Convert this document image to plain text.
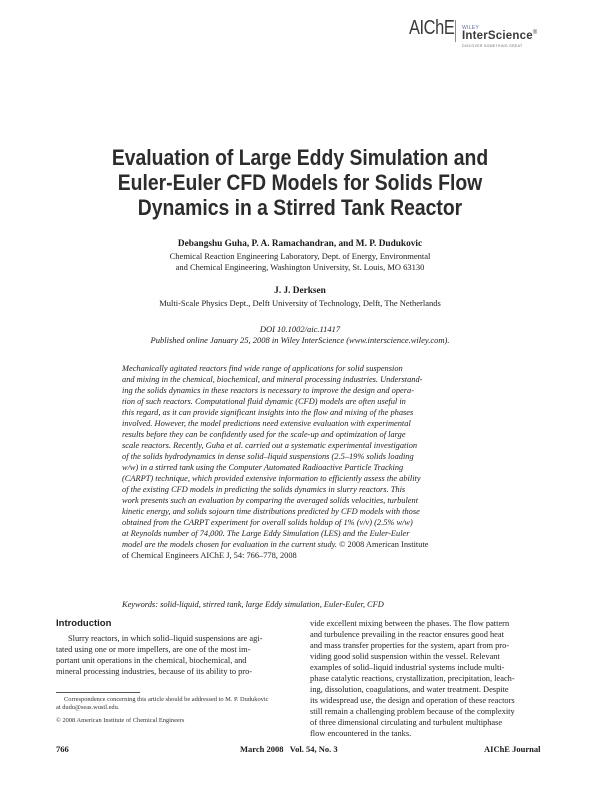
AIChE WILEY
InterScience®
DISCOVER SOMETHING GREAT
Evaluation of Large Eddy Simulation and
Euler-Euler CFD Models for Solids Flow
Dynamics in a Stirred Tank Reactor
Debangshu Guha, P. A. Ramachandran, and M. P. Dudukovic
Chemical Reaction Engineering Laboratory, Dept. of Energy, Environmental
and Chemical Engineering, Washington University, St. Louis, MO 63130
J. J. Derksen
Multi-Scale Physics Dept., Delft University of Technology, Delft, The Netherlands
DOI 10.1002/aic.11417
Published online January 25, 2008 in Wiley InterScience (www.interscience.wiley.com).
Mechanically agitated reactors find wide range of applications for solid suspension
and mixing in the chemical, biochemical, and mineral processing industries. Understand-
ing the solids dynamics in these reactors is necessary to improve the design and opera-
tion of such reactors. Computational fluid dynamic (CFD) models are often useful in
this regard, as it can provide significant insights into the flow and mixing of the phases
involved. However, the model predictions need extensive evaluation with experimental
results before they can be confidently used for the scale-up and optimization of large
scale reactors. Recently, Guha et al. carried out a systematic experimental investigation
of the solids hydrodynamics in dense solid–liquid suspensions (2.5–19% solids loading
w/w) in a stirred tank using the Computer Automated Radioactive Particle Tracking
(CARPT) technique, which provided extensive information to efficiently assess the ability
of the existing CFD models in predicting the solids dynamics in slurry reactors. This
work presents such an evaluation by comparing the averaged solids velocities, turbulent
kinetic energy, and solids sojourn time distributions predicted by CFD models with those
obtained from the CARPT experiment for overall solids holdup of 1% (v/v) (2.5% w/w)
at Reynolds number of 74,000. The Large Eddy Simulation (LES) and the Euler-Euler
model are the models chosen for evaluation in the current study. © 2008 American Institute
of Chemical Engineers AIChE J, 54: 766–778, 2008
Keywords: solid-liquid, stirred tank, large Eddy simulation, Euler-Euler, CFD
Introduction
Slurry reactors, in which solid–liquid suspensions are agi-
tated using one or more impellers, are one of the most im-
portant unit operations in the chemical, biochemical, and
mineral processing industries, because of its ability to pro-
vide excellent mixing between the phases. The flow pattern
and turbulence prevailing in the reactor ensures good heat
and mass transfer properties for the system, apart from pro-
viding good solid suspension within the vessel. Relevant
examples of solid–liquid industrial systems include multi-
phase catalytic reactions, crystallization, precipitation, leach-
ing, dissolution, coagulations, and water treatment. Despite
its widespread use, the design and operation of these reactors
still remain a challenging problem because of the complexity
of three dimensional circulating and turbulent multiphase
flow encountered in the tanks.
Correspondence concerning this article should be addressed to M. P. Dudukovic
at dudu@seas.wustl.edu.
© 2008 American Institute of Chemical Engineers
766	March 2008   Vol. 54, No. 3	AIChE Journal
